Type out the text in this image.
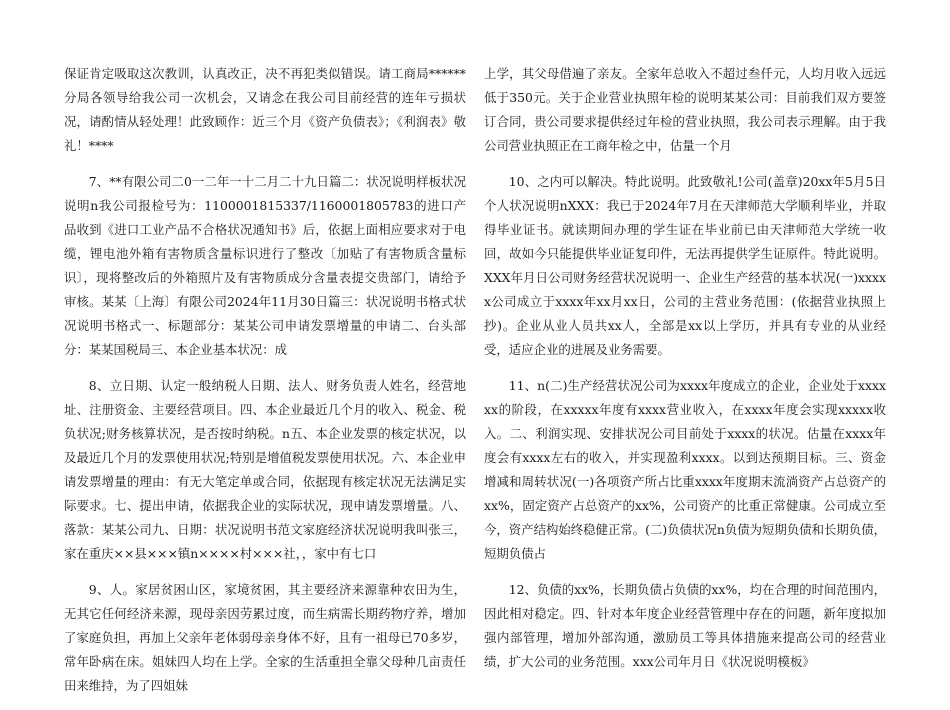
保证肯定吸取这次教训，认真改正，决不再犯类似错误。请工商局******分局各领导给我公司一次机会，又请念在我公司目前经营的连年亏损状况，请酌情从轻处理！此致顾作：近三个月《资产负债表》；《利润表》敬礼！****

7、**有限公司二0一二年一十二月二十九日篇二：状况说明样板状况说明n我公司报检号为：1100001815337/1160001805783的进口产品收到《进口工业产品不合格状况通知书》后，依据上面相应要求对于电缆，锂电池外箱有害物质含量标识进行了整改〔加贴了有害物质含量标识〕，现将整改后的外箱照片及有害物质成分含量表提交贵部门，请给予审核。某某〔上海〕有限公司2024年11月30日篇三：状况说明书格式状况说明书格式一、标题部分：某某公司申请发票增量的申请二、台头部分：某某国税局三、本企业基本状况：成

8、立日期、认定一般纳税人日期、法人、财务负责人姓名，经营地址、注册资金、主要经营项目。四、本企业最近几个月的收入、税金、税负状况;财务核算状况，是否按时纳税。n五、本企业发票的核定状况，以及最近几个月的发票使用状况;特别是增值税发票使用状况。六、本企业申请发票增量的理由：有无大笔定单或合同，依据现有核定状况无法满足实际要求。七、提出申请，依据我企业的实际状况，现申请发票增量。八、落款：某某公司九、日期：状况说明书范文家庭经济状况说明我叫张三，家在重庆××县×××镇n××××村×××社，，家中有七口

9、人。家居贫困山区，家境贫困，其主要经济来源靠种农田为生，无其它任何经济来源，现母亲因劳累过度，而生病需长期药物疗养，增加了家庭负担，再加上父亲年老体弱母亲身体不好，且有一祖母已70多岁，常年卧病在床。姐妹四人均在上学。全家的生活重担全靠父母种几亩责任田来维持，为了四姐妹

上学，其父母借遍了亲友。全家年总收入不超过叁仟元，人均月收入远远低于350元。关于企业营业执照年检的说明某某公司：目前我们双方要签订合同，贵公司要求提供经过年检的营业执照，我公司表示理解。由于我公司营业执照正在工商年检之中，估量一个月

10、之内可以解决。特此说明。此致敬礼!公司(盖章)20xx年5月5日个人状况说明nXXX：我已于2024年7月在天津师范大学顺利毕业，并取得毕业证书。就读期间办理的学生证在毕业前已由天津师范大学统一收回，故如今只能提供毕业证复印件，无法再提供学生证原件。特此说明。XXX年月日公司财务经营状况说明一、企业生产经营的基本状况(一)xxxxx公司成立于xxxx年xx月xx日，公司的主营业务范围：(依据营业执照上抄)。企业从业人员共xx人，全部是xx以上学历，并具有专业的从业经受，适应企业的进展及业务需要。

11、n(二)生产经营状况公司为xxxx年度成立的企业，企业处于xxxxxx的阶段，在xxxxx年度有xxxx营业收入，在xxxx年度会实现xxxxx收入。二、利润实现、安排状况公司目前处于xxxx的状况。估量在xxxx年度会有xxxx左右的收入，并实现盈利xxxx。以到达预期目标。三、资金增减和周转状况(一)各项资产所占比重xxxx年度期末流淌资产占总资产的xx%，固定资产占总资产的xx%，公司资产的比重正常健康。公司成立至今，资产结构始终稳健正常。(二)负债状况n负债为短期负债和长期负债，短期负债占

12、负债的xx%，长期负债占负债的xx%，均在合理的时间范围内，因此相对稳定。四、针对本年度企业经营管理中存在的问题，新年度拟加强内部管理，增加外部沟通，激励员工等具体措施来提高公司的经营业绩，扩大公司的业务范围。xxx公司年月日《状况说明模板》
